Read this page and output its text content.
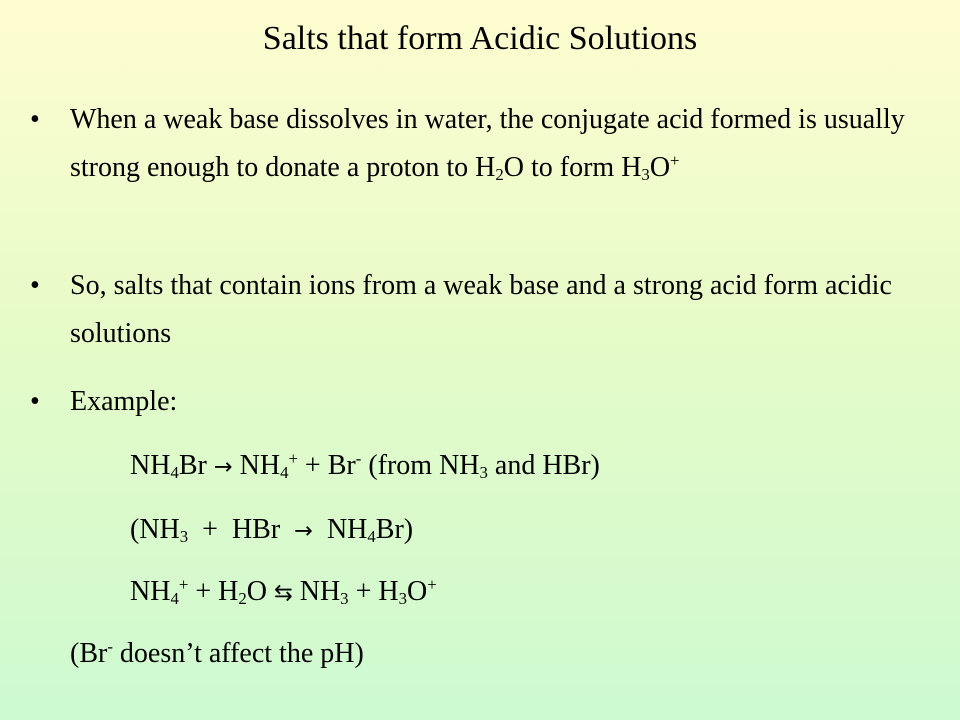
Salts that form Acidic Solutions
• When a weak base dissolves in water, the conjugate acid formed is usually strong enough to donate a proton to $H_2O$ to form $H_3O^+$
• So, salts that contain ions from a weak base and a strong acid form acidic solutions
• Example:
$NH_4Br \to NH_4^+ + Br^-$ (from $NH_3$ and HBr)
($NH_3$  +  HBr  →  $NH_4Br$)
$NH_4^+ + H_2O$ ⇆ $NH_3 + H_3O^+$
(Br- doesn’t affect the pH)
